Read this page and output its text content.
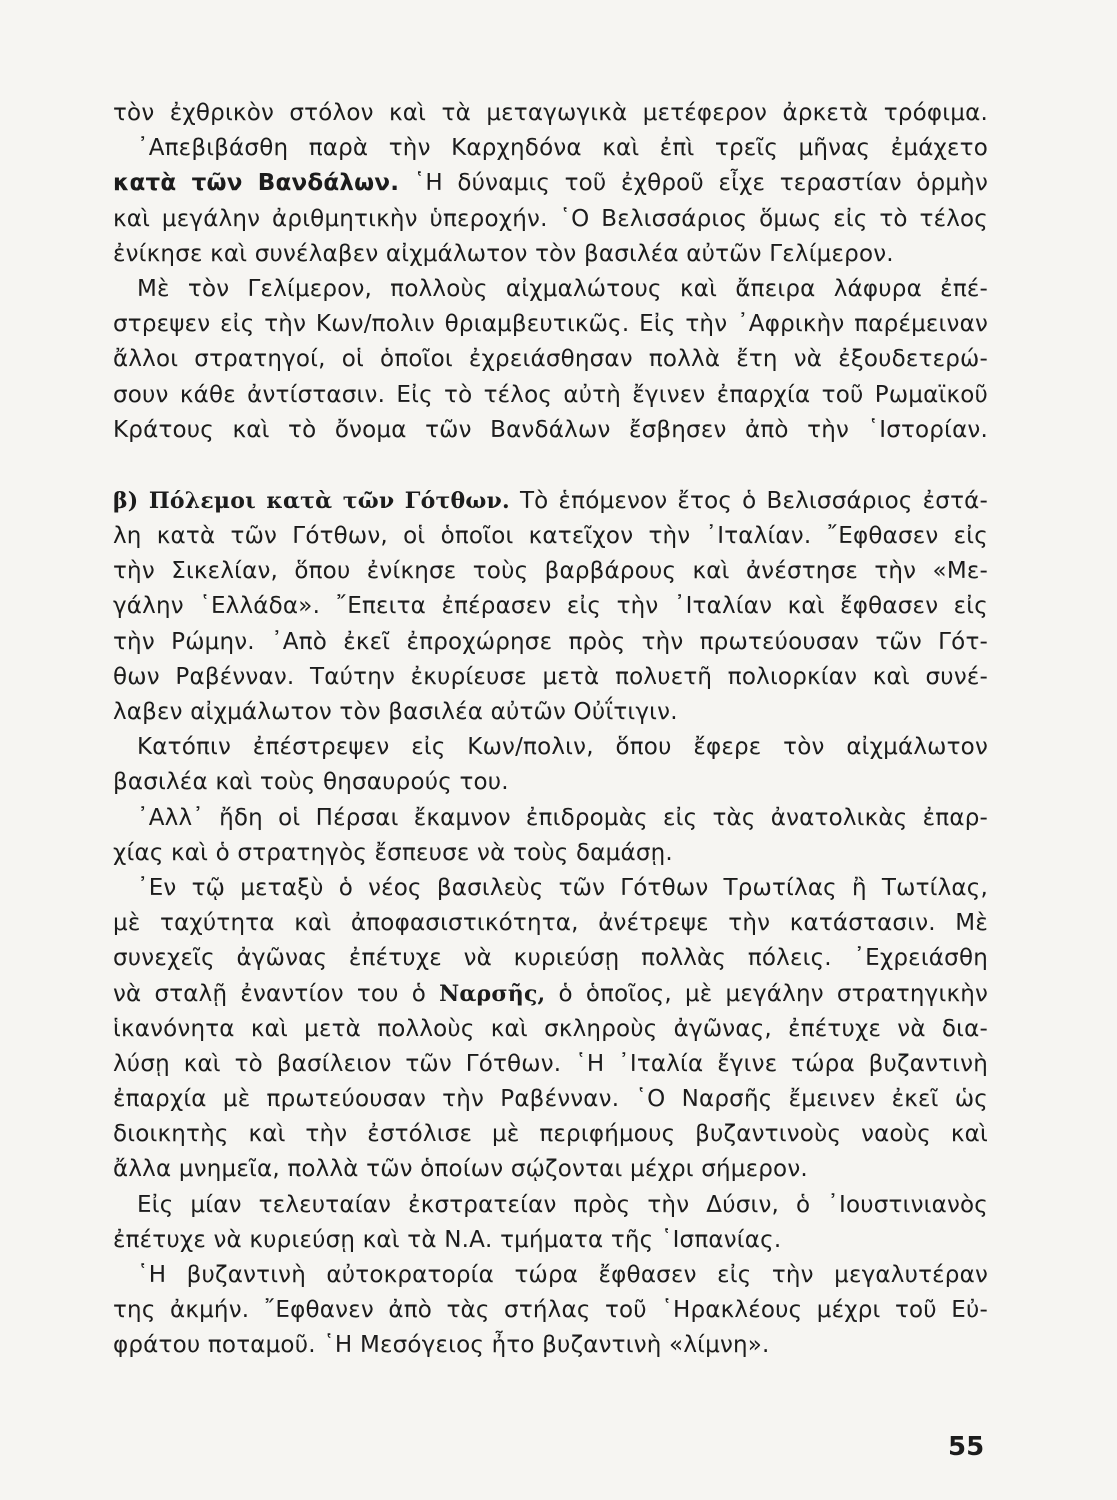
τὸν ἐχθρικὸν στόλον καὶ τὰ μεταγωγικὰ μετέφερον ἀρκετὰ τρόφιμα.
᾿Απεβιβάσθη παρὰ τὴν Καρχηδόνα καὶ ἐπὶ τρεῖς μῆνας ἐμάχετο
κατὰ τῶν Βανδάλων. ῾Η δύναμις τοῦ ἐχθροῦ εἶχε τεραστίαν ὁρμὴν
καὶ μεγάλην ἀριθμητικὴν ὑπεροχήν. ῾Ο Βελισσάριος ὅμως εἰς τὸ τέλος
ἐνίκησε καὶ συνέλαβεν αἰχμάλωτον τὸν βασιλέα αὐτῶν Γελίμερον.
Μὲ τὸν Γελίμερον, πολλοὺς αἰχμαλώτους καὶ ἄπειρα λάφυρα ἐπέ-
στρεψεν εἰς τὴν Κων/πολιν θριαμβευτικῶς. Εἰς τὴν ᾿Αφρικὴν παρέμειναν
ἄλλοι στρατηγοί, οἱ ὁποῖοι ἐχρειάσθησαν πολλὰ ἔτη νὰ ἐξουδετερώ-
σουν κάθε ἀντίστασιν. Εἰς τὸ τέλος αὐτὴ ἔγινεν ἐπαρχία τοῦ Ρωμαϊκοῦ
Κράτους καὶ τὸ ὄνομα τῶν Βανδάλων ἔσβησεν ἀπὸ τὴν ῾Ιστορίαν.
β) Πόλεμοι κατὰ τῶν Γότθων. Τὸ ἑπόμενον ἔτος ὁ Βελισσάριος ἐστά-
λη κατὰ τῶν Γότθων, οἱ ὁποῖοι κατεῖχον τὴν ᾿Ιταλίαν. ῎Εφθασεν εἰς
τὴν Σικελίαν, ὅπου ἐνίκησε τοὺς βαρβάρους καὶ ἀνέστησε τὴν «Με-
γάλην ῾Ελλάδα». ῎Επειτα ἐπέρασεν εἰς τὴν ᾿Ιταλίαν καὶ ἔφθασεν εἰς
τὴν Ρώμην. ᾿Απὸ ἐκεῖ ἐπροχώρησε πρὸς τὴν πρωτεύουσαν τῶν Γότ-
θων Ραβένναν. Ταύτην ἐκυρίευσε μετὰ πολυετῆ πολιορκίαν καὶ συνέ-
λαβεν αἰχμάλωτον τὸν βασιλέα αὐτῶν Οὐΐτιγιν.
Κατόπιν ἐπέστρεψεν εἰς Κων/πολιν, ὅπου ἔφερε τὸν αἰχμάλωτον
βασιλέα καὶ τοὺς θησαυρούς του.
᾿Αλλ᾿ ἤδη οἱ Πέρσαι ἔκαμνον ἐπιδρομὰς εἰς τὰς ἀνατολικὰς ἐπαρ-
χίας καὶ ὁ στρατηγὸς ἔσπευσε νὰ τοὺς δαμάσῃ.
᾿Εν τῷ μεταξὺ ὁ νέος βασιλεὺς τῶν Γότθων Τρωτίλας ἢ Τωτίλας,
μὲ ταχύτητα καὶ ἀποφασιστικότητα, ἀνέτρεψε τὴν κατάστασιν. Μὲ
συνεχεῖς ἀγῶνας ἐπέτυχε νὰ κυριεύσῃ πολλὰς πόλεις. ᾿Εχρειάσθη
νὰ σταλῇ ἐναντίον του ὁ Ναρσῆς, ὁ ὁποῖος, μὲ μεγάλην στρατηγικὴν
ἱκανόνητα καὶ μετὰ πολλοὺς καὶ σκληροὺς ἀγῶνας, ἐπέτυχε νὰ δια-
λύσῃ καὶ τὸ βασίλειον τῶν Γότθων. ῾Η ᾿Ιταλία ἔγινε τώρα βυζαντινὴ
ἐπαρχία μὲ πρωτεύουσαν τὴν Ραβένναν. ῾Ο Ναρσῆς ἔμεινεν ἐκεῖ ὡς
διοικητὴς καὶ τὴν ἐστόλισε μὲ περιφήμους βυζαντινοὺς ναοὺς καὶ
ἄλλα μνημεῖα, πολλὰ τῶν ὁποίων σῴζονται μέχρι σήμερον.
Εἰς μίαν τελευταίαν ἐκστρατείαν πρὸς τὴν Δύσιν, ὁ ᾿Ιουστινιανὸς
ἐπέτυχε νὰ κυριεύσῃ καὶ τὰ Ν.Α. τμήματα τῆς ῾Ισπανίας.
῾Η βυζαντινὴ αὐτοκρατορία τώρα ἔφθασεν εἰς τὴν μεγαλυτέραν
της ἀκμήν. ῎Εφθανεν ἀπὸ τὰς στήλας τοῦ ῾Ηρακλέους μέχρι τοῦ Εὐ-
φράτου ποταμοῦ. ῾Η Μεσόγειος ἦτο βυζαντινὴ «λίμνη».
55
